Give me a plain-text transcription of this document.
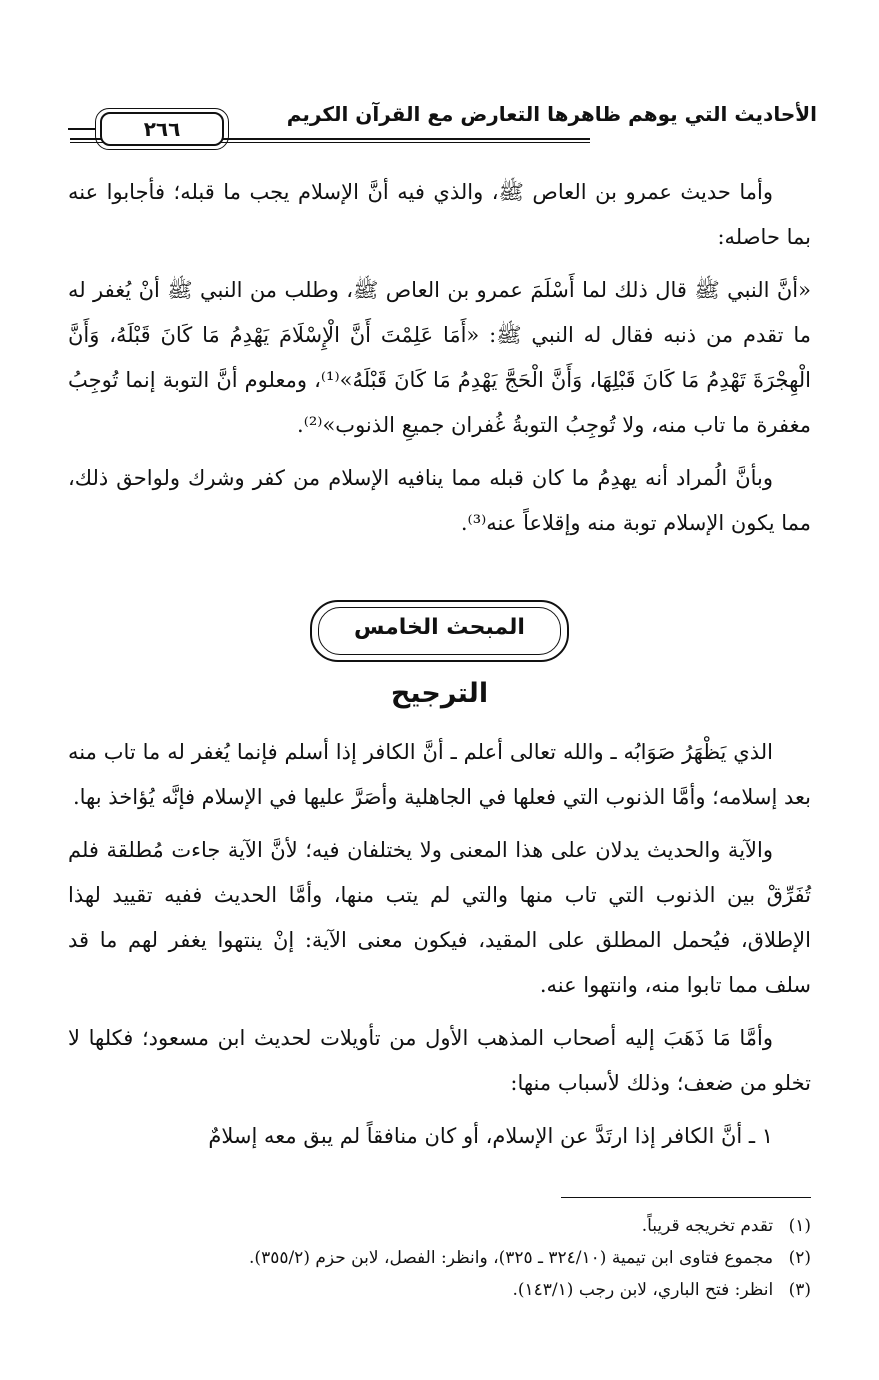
الأحاديث التي يوهم ظاهرها التعارض مع القرآن الكريم
٢٦٦

وأما حديث عمرو بن العاص ﷺ، والذي فيه أنَّ الإسلام يجب ما قبله؛ فأجابوا عنه بما حاصله:

«أنَّ النبي ﷺ قال ذلك لما أَسْلَمَ عمرو بن العاص ﷺ، وطلب من النبي ﷺ أنْ يُغفر له ما تقدم من ذنبه فقال له النبي ﷺ: «أَمَا عَلِمْتَ أَنَّ الْإِسْلَامَ يَهْدِمُ مَا كَانَ قَبْلَهُ، وَأَنَّ الْهِجْرَةَ تَهْدِمُ مَا كَانَ قَبْلِهَا، وَأَنَّ الْحَجَّ يَهْدِمُ مَا كَانَ قَبْلَهُ»⁽¹⁾، ومعلوم أنَّ التوبة إنما تُوجِبُ مغفرة ما تاب منه، ولا تُوجِبُ التوبةُ غُفران جميعِ الذنوب»⁽²⁾.

وبأنَّ الُمراد أنه يهدِمُ ما كان قبله مما ينافيه الإسلام من كفر وشرك ولواحق ذلك، مما يكون الإسلام توبة منه وإقلاعاً عنه⁽³⁾.

المبحث الخامس
الترجيح

الذي يَظْهَرُ صَوَابُه ـ والله تعالى أعلم ـ أنَّ الكافر إذا أسلم فإنما يُغفر له ما تاب منه بعد إسلامه؛ وأمَّا الذنوب التي فعلها في الجاهلية وأصَرَّ عليها في الإسلام فإنَّه يُؤاخذ بها.

والآية والحديث يدلان على هذا المعنى ولا يختلفان فيه؛ لأنَّ الآية جاءت مُطلقة فلم تُفَرِّقْ بين الذنوب التي تاب منها والتي لم يتب منها، وأمَّا الحديث ففيه تقييد لهذا الإطلاق، فيُحمل المطلق على المقيد، فيكون معنى الآية: إنْ ينتهوا يغفر لهم ما قد سلف مما تابوا منه، وانتهوا عنه.

وأمَّا مَا ذَهَبَ إليه أصحاب المذهب الأول من تأويلات لحديث ابن مسعود؛ فكلها لا تخلو من ضعف؛ وذلك لأسباب منها:

١ ـ أنَّ الكافر إذا ارتَدَّ عن الإسلام، أو كان منافقاً لم يبق معه إسلامٌ

(١) تقدم تخريجه قريباً.

(٢) مجموع فتاوى ابن تيمية (٣٢٤/١٠ ـ ٣٢٥)، وانظر: الفصل، لابن حزم (٣٥٥/٢).

(٣) انظر: فتح الباري، لابن رجب (١٤٣/١).
